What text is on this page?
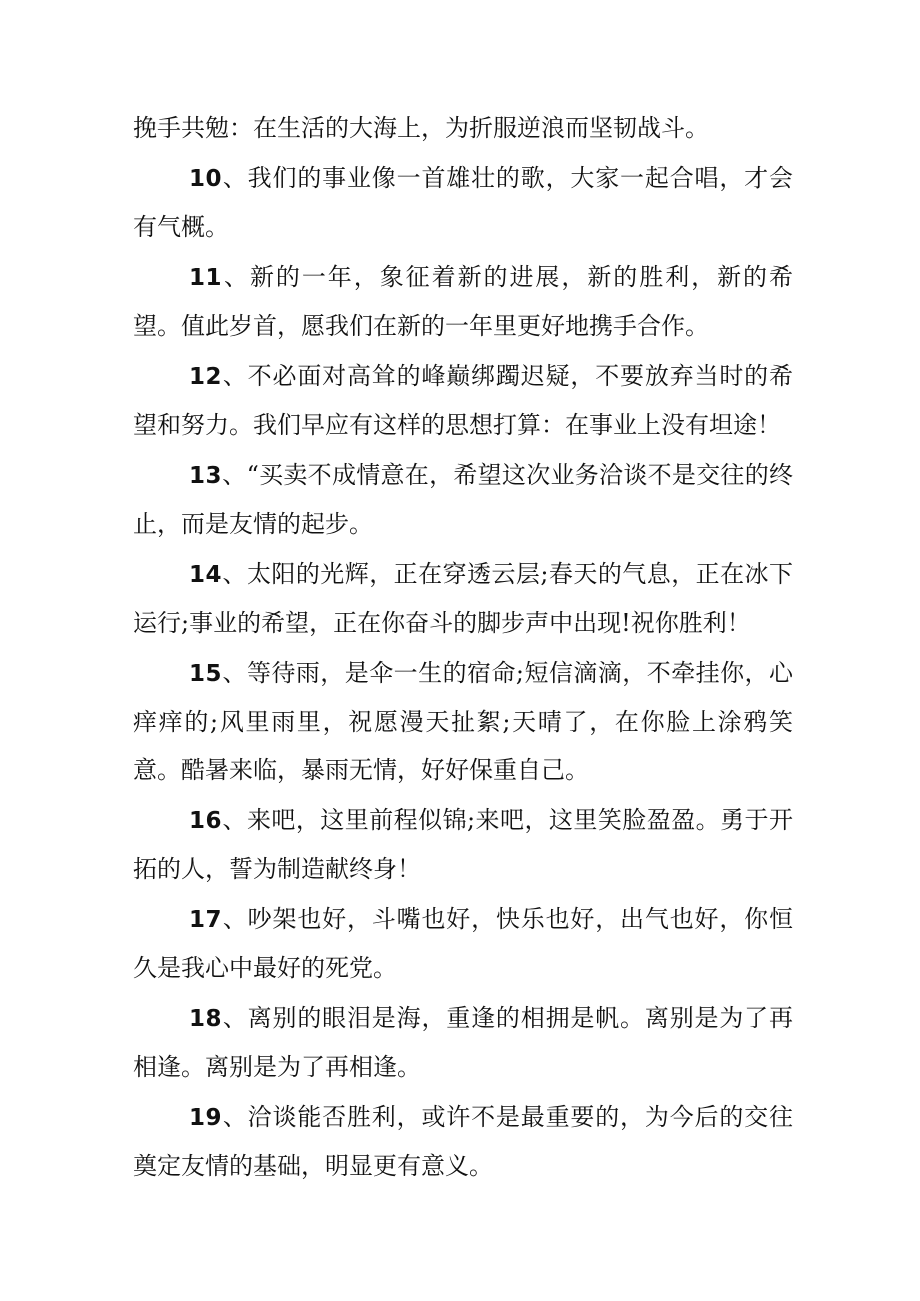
挽手共勉：在生活的大海上，为折服逆浪而坚韧战斗。

10、我们的事业像一首雄壮的歌，大家一起合唱，才会有气概。

11、新的一年，象征着新的进展，新的胜利，新的希望。值此岁首，愿我们在新的一年里更好地携手合作。

12、不必面对高耸的峰巅绑躅迟疑，不要放弃当时的希望和努力。我们早应有这样的思想打算：在事业上没有坦途！

13、“买卖不成情意在，希望这次业务洽谈不是交往的终止，而是友情的起步。

14、太阳的光辉，正在穿透云层;春天的气息，正在冰下运行;事业的希望，正在你奋斗的脚步声中出现!祝你胜利！

15、等待雨，是伞一生的宿命;短信滴滴，不牵挂你，心痒痒的;风里雨里，祝愿漫天扯絮;天晴了，在你脸上涂鸦笑意。酷暑来临，暴雨无情，好好保重自己。

16、来吧，这里前程似锦;来吧，这里笑脸盈盈。勇于开拓的人，誓为制造献终身！

17、吵架也好，斗嘴也好，快乐也好，出气也好，你恒久是我心中最好的死党。

18、离别的眼泪是海，重逢的相拥是帆。离别是为了再相逢。离别是为了再相逢。

19、洽谈能否胜利，或许不是最重要的，为今后的交往奠定友情的基础，明显更有意义。
